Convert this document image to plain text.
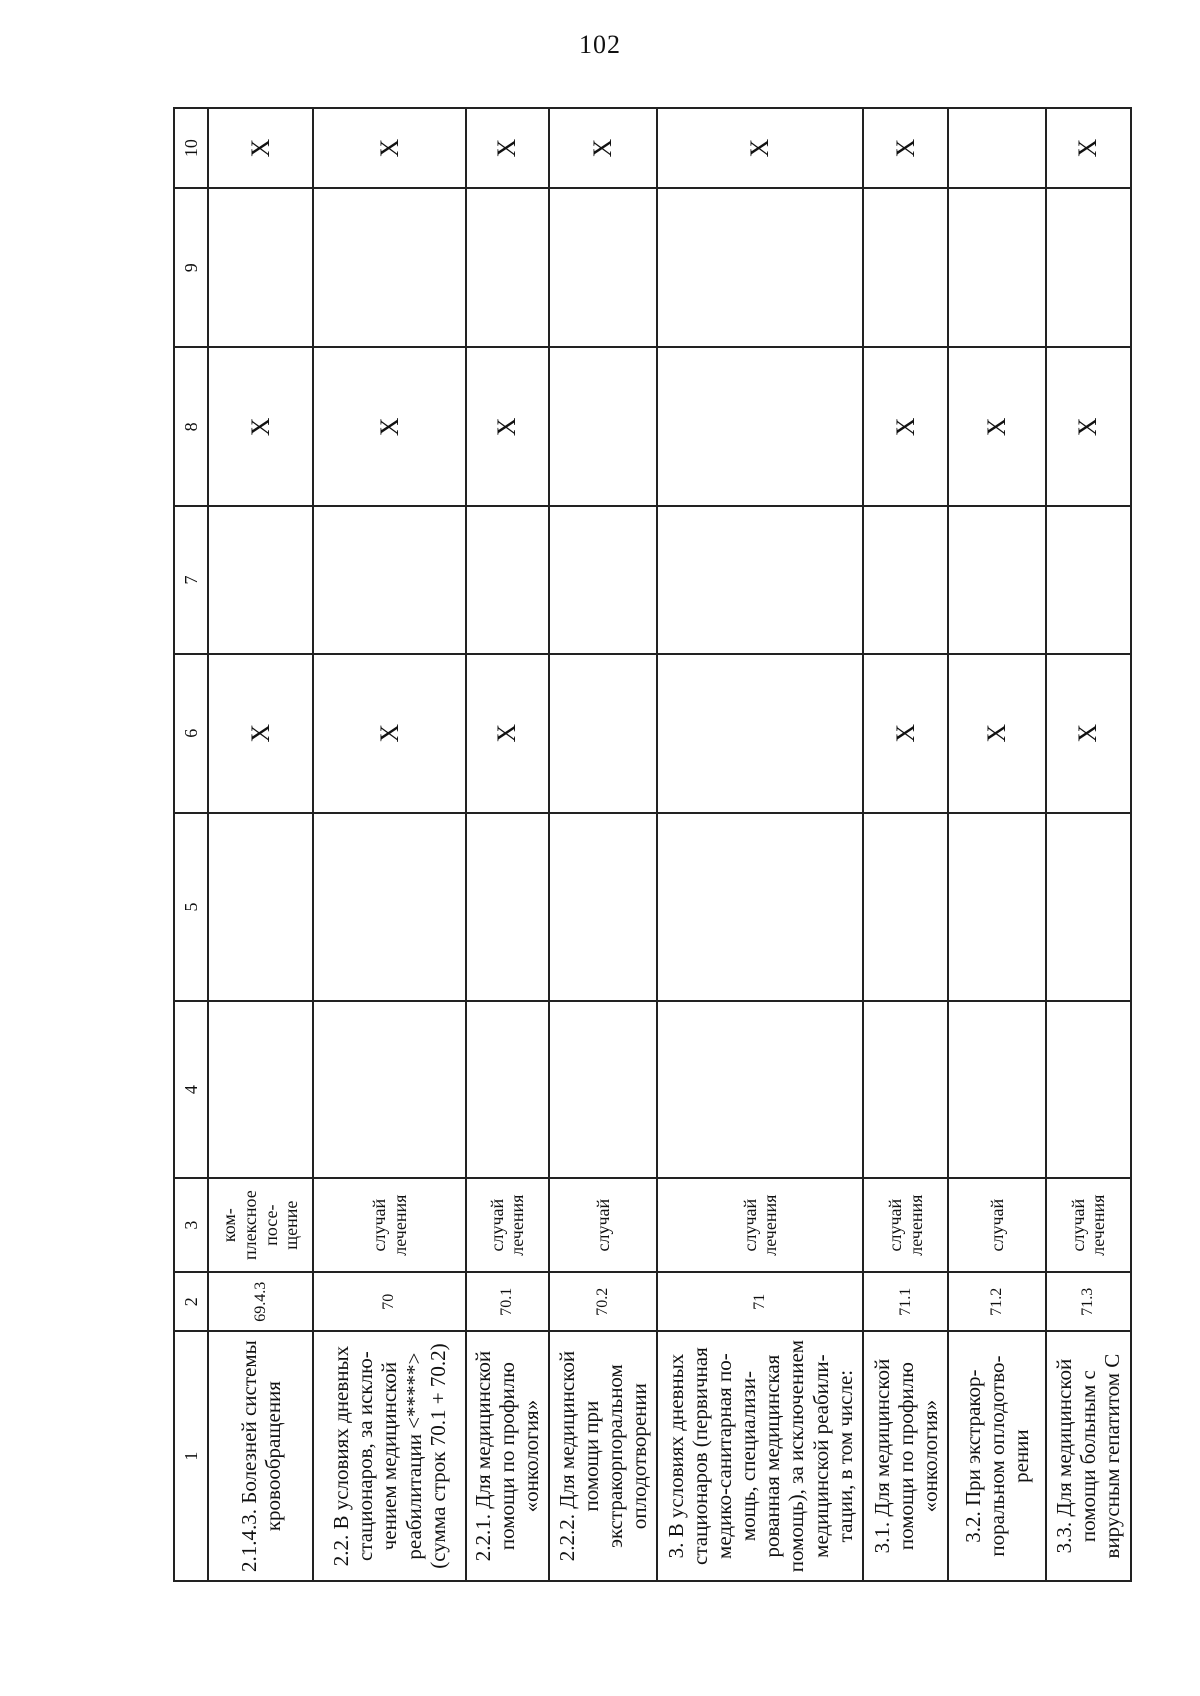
102
1	2	3	4	5	6	7	8	9	10
2.1.4.3. Болезней системы кровообращения	69.4.3	ком-плексное посе-щение			X		X		X
2.2. В условиях дневных стационаров, за исклю-чением медицинской реабилитации <*****> (сумма строк 70.1 + 70.2)	70	случай лечения			X		X		X
2.2.1. Для медицинской помощи по профилю «онкология»	70.1	случай лечения			X		X		X
2.2.2. Для медицинской помощи при экстракорпоральном оплодотворении	70.2	случай							X
3. В условиях дневных стационаров (первичная медико-санитарная по-мощь, специализи-рованная медицинская помощь), за исключением медицинской реабили-тации, в том числе:	71	случай лечения							X
3.1. Для медицинской помощи по профилю «онкология»	71.1	случай лечения			X		X		X
3.2. При экстракор-поральном оплодотво-рении	71.2	случай			X		X		
3.3. Для медицинской помощи больным с вирусным гепатитом С	71.3	случай лечения			X		X		X
